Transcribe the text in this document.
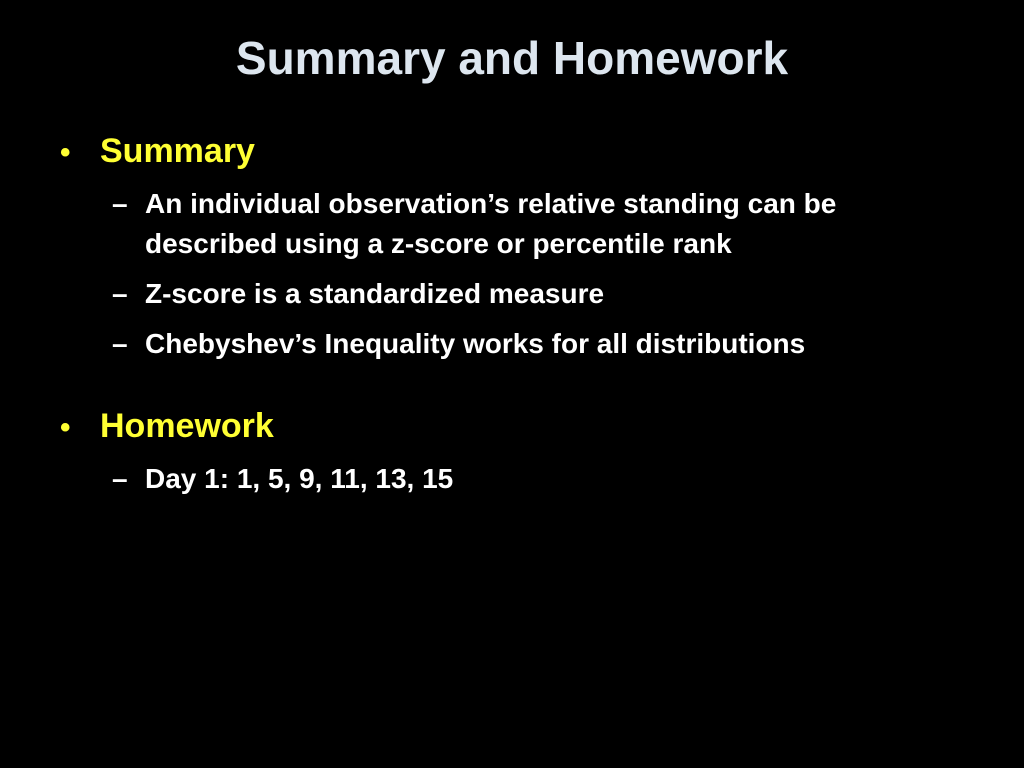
Summary and Homework
• Summary
– An individual observation’s relative standing can be described using a z-score or percentile rank
– Z-score is a standardized measure
– Chebyshev’s Inequality works for all distributions
• Homework
– Day 1: 1, 5, 9, 11, 13, 15
